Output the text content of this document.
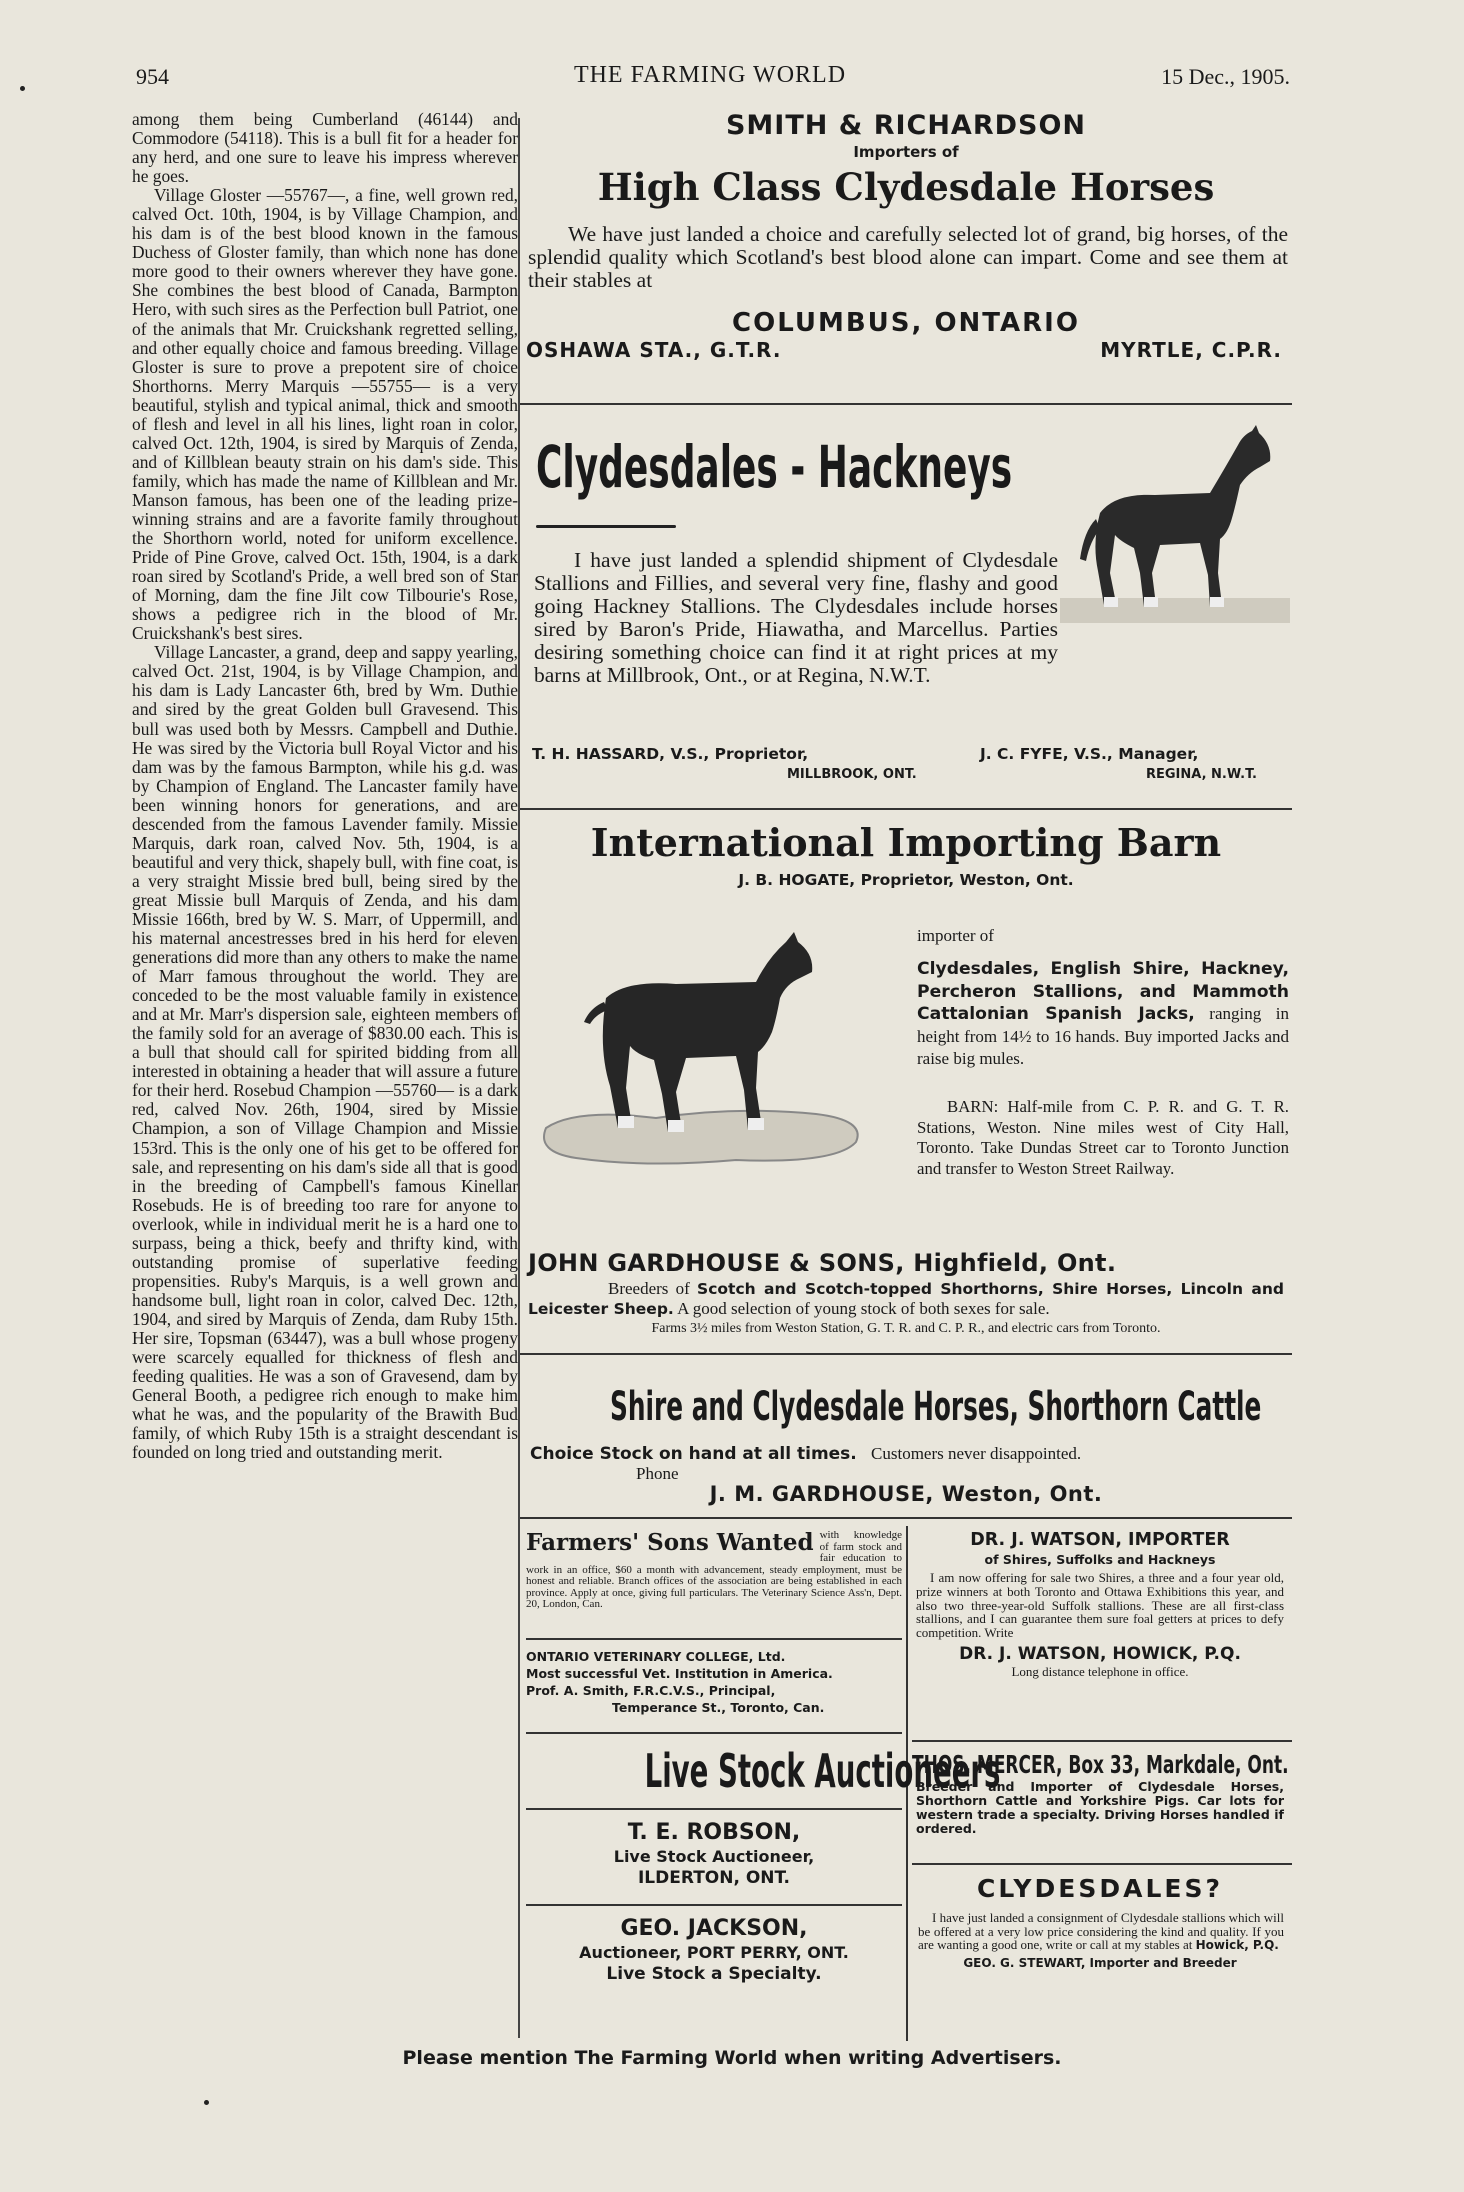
954	THE FARMING WORLD	15 Dec., 1905.

among them being Cumberland (46144) and Commodore (54118). This is a bull fit for a header for any herd, and one sure to leave his impress wherever he goes.

Village Gloster —55767—, a fine, well grown red, calved Oct. 10th, 1904, is by Village Champion, and his dam is of the best blood known in the famous Duchess of Gloster family, than which none has done more good to their owners wherever they have gone. She combines the best blood of Canada, Barmpton Hero, with such sires as the Perfection bull Patriot, one of the animals that Mr. Cruickshank regretted selling, and other equally choice and famous breeding. Village Gloster is sure to prove a prepotent sire of choice Shorthorns. Merry Marquis —55755— is a very beautiful, stylish and typical animal, thick and smooth of flesh and level in all his lines, light roan in color, calved Oct. 12th, 1904, is sired by Marquis of Zenda, and of Killblean beauty strain on his dam's side. This family, which has made the name of Killblean and Mr. Manson famous, has been one of the leading prize-winning strains and are a favorite family throughout the Shorthorn world, noted for uniform excellence. Pride of Pine Grove, calved Oct. 15th, 1904, is a dark roan sired by Scotland's Pride, a well bred son of Star of Morning, dam the fine Jilt cow Tilbourie's Rose, shows a pedigree rich in the blood of Mr. Cruickshank's best sires.

Village Lancaster, a grand, deep and sappy yearling, calved Oct. 21st, 1904, is by Village Champion, and his dam is Lady Lancaster 6th, bred by Wm. Duthie and sired by the great Golden bull Gravesend. This bull was used both by Messrs. Campbell and Duthie. He was sired by the Victoria bull Royal Victor and his dam was by the famous Barmpton, while his g.d. was by Champion of England. The Lancaster family have been winning honors for generations, and are descended from the famous Lavender family. Missie Marquis, dark roan, calved Nov. 5th, 1904, is a beautiful and very thick, shapely bull, with fine coat, is a very straight Missie bred bull, being sired by the great Missie bull Marquis of Zenda, and his dam Missie 166th, bred by W. S. Marr, of Uppermill, and his maternal ancestresses bred in his herd for eleven generations did more than any others to make the name of Marr famous throughout the world. They are conceded to be the most valuable family in existence and at Mr. Marr's dispersion sale, eighteen members of the family sold for an average of $830.00 each. This is a bull that should call for spirited bidding from all interested in obtaining a header that will assure a future for their herd. Rosebud Champion —55760— is a dark red, calved Nov. 26th, 1904, sired by Missie Champion, a son of Village Champion and Missie 153rd. This is the only one of his get to be offered for sale, and representing on his dam's side all that is good in the breeding of Campbell's famous Kinellar Rosebuds. He is of breeding too rare for anyone to overlook, while in individual merit he is a hard one to surpass, being a thick, beefy and thrifty kind, with outstanding promise of superlative feeding propensities. Ruby's Marquis, is a well grown and handsome bull, light roan in color, calved Dec. 12th, 1904, and sired by Marquis of Zenda, dam Ruby 15th. Her sire, Topsman (63447), was a bull whose progeny were scarcely equalled for thickness of flesh and feeding qualities. He was a son of Gravesend, dam by General Booth, a pedigree rich enough to make him what he was, and the popularity of the Brawith Bud family, of which Ruby 15th is a straight descendant is founded on long tried and outstanding merit.

SMITH & RICHARDSON
Importers of
High Class Clydesdale Horses
We have just landed a choice and carefully selected lot of grand, big horses, of the splendid quality which Scotland's best blood alone can impart. Come and see them at their stables at
COLUMBUS, ONTARIO
OSHAWA STA., G.T.R.	MYRTLE, C.P.R.
Clydesdales - Hackneys
I have just landed a splendid shipment of Clydesdale Stallions and Fillies, and several very fine, flashy and good going Hackney Stallions. The Clydesdales include horses sired by Baron's Pride, Hiawatha, and Marcellus. Parties desiring something choice can find it at right prices at my barns at Millbrook, Ont., or at Regina, N.W.T.
T. H. HASSARD, V.S., Proprietor,
MILLBROOK, ONT.
J. C. FYFE, V.S., Manager,
REGINA, N.W.T.
International Importing Barn
J. B. HOGATE, Proprietor, Weston, Ont.
importer of
Clydesdales, English Shire, Hackney, Percheron Stallions, and Mammoth Cattalonian Spanish Jacks, ranging in height from 14½ to 16 hands. Buy imported Jacks and raise big mules.
BARN: Half-mile from C. P. R. and G. T. R. Stations, Weston. Nine miles west of City Hall, Toronto. Take Dundas Street car to Toronto Junction and transfer to Weston Street Railway.
JOHN GARDHOUSE & SONS, Highfield, Ont.
Breeders of Scotch and Scotch-topped Shorthorns, Shire Horses, Lincoln and Leicester Sheep. A good selection of young stock of both sexes for sale.
Farms 3½ miles from Weston Station, G. T. R. and C. P. R., and electric cars from Toronto.
Shire and Clydesdale Horses, Shorthorn Cattle
Choice Stock on hand at all times. Customers never disappointed.
Phone
J. M. GARDHOUSE, Weston, Ont.
Farmers' Sons Wanted with knowledge of farm stock and fair education to work in an office, $60 a month with advancement, steady employment, must be honest and reliable. Branch offices of the association are being established in each province. Apply at once, giving full particulars. The Veterinary Science Ass'n, Dept. 20, London, Can.
ONTARIO VETERINARY COLLEGE, Ltd.
Most successful Vet. Institution in America.
Prof. A. Smith, F.R.C.V.S., Principal,
Temperance St., Toronto, Can.
Live Stock Auctioneers
T. E. ROBSON,
Live Stock Auctioneer,
ILDERTON, ONT.
GEO. JACKSON,
Auctioneer, PORT PERRY, ONT.
Live Stock a Specialty.
DR. J. WATSON, IMPORTER
of Shires, Suffolks and Hackneys
I am now offering for sale two Shires, a three and a four year old, prize winners at both Toronto and Ottawa Exhibitions this year, and also two three-year-old Suffolk stallions. These are all first-class stallions, and I can guarantee them sure foal getters at prices to defy competition. Write
DR. J. WATSON, HOWICK, P.Q.
Long distance telephone in office.
THOS. MERCER, Box 33, Markdale, Ont.
Breeder and Importer of Clydesdale Horses, Shorthorn Cattle and Yorkshire Pigs. Car lots for western trade a specialty. Driving Horses handled if ordered.
CLYDESDALES?
I have just landed a consignment of Clydesdale stallions which will be offered at a very low price considering the kind and quality. If you are wanting a good one, write or call at my stables at Howick, P.Q.
GEO. G. STEWART, Importer and Breeder
Please mention The Farming World when writing Advertisers.
